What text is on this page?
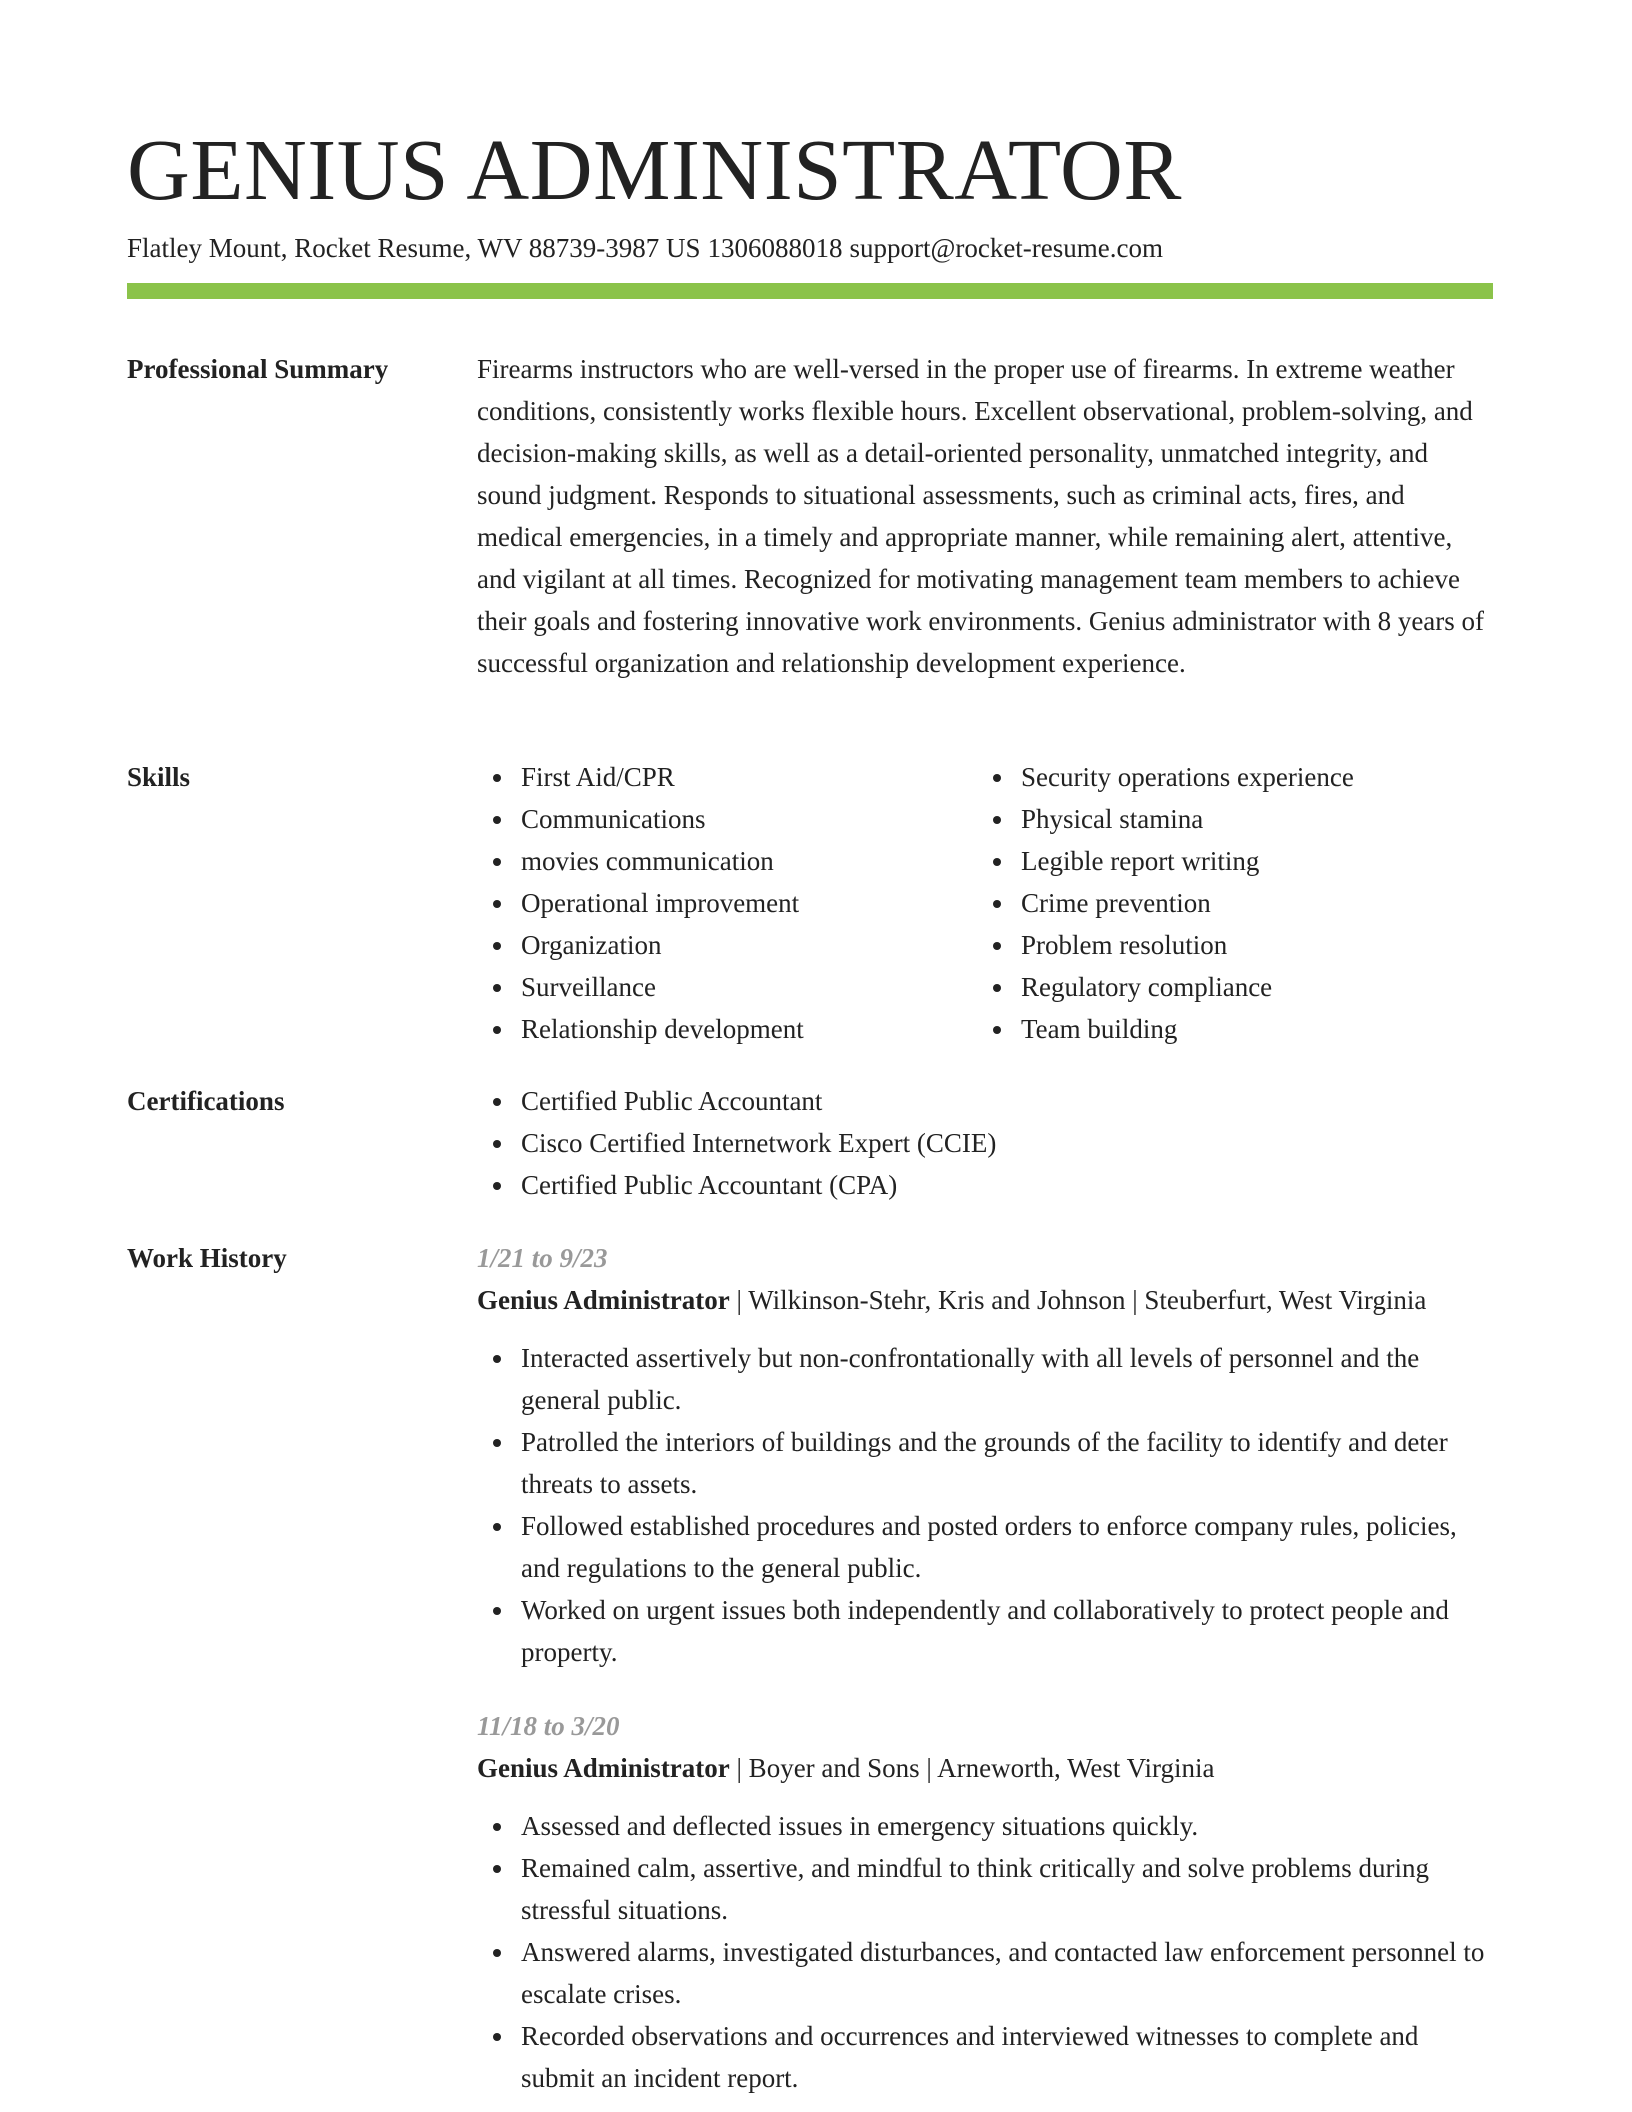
GENIUS ADMINISTRATOR
Flatley Mount, Rocket Resume, WV 88739-3987 US 1306088018 support@rocket-resume.com
Professional Summary	Firearms instructors who are well-versed in the proper use of firearms. In extreme weather conditions, consistently works flexible hours. Excellent observational, problem-solving, and decision-making skills, as well as a detail-oriented personality, unmatched integrity, and sound judgment. Responds to situational assessments, such as criminal acts, fires, and medical emergencies, in a timely and appropriate manner, while remaining alert, attentive, and vigilant at all times. Recognized for motivating management team members to achieve their goals and fostering innovative work environments. Genius administrator with 8 years of successful organization and relationship development experience.

Skills	First Aid/CPR
Communications
movies communication
Operational improvement
Organization
Surveillance
Relationship development
Security operations experience
Physical stamina
Legible report writing
Crime prevention
Problem resolution
Regulatory compliance
Team building
Certifications	Certified Public Accountant
Cisco Certified Internetwork Expert (CCIE)
Certified Public Accountant (CPA)
Work History	1/21 to 9/23
Genius Administrator | Wilkinson-Stehr, Kris and Johnson | Steuberfurt, West Virginia
Interacted assertively but non-confrontationally with all levels of personnel and the general public.
Patrolled the interiors of buildings and the grounds of the facility to identify and deter threats to assets.
Followed established procedures and posted orders to enforce company rules, policies, and regulations to the general public.
Worked on urgent issues both independently and collaboratively to protect people and property.
11/18 to 3/20
Genius Administrator | Boyer and Sons | Arneworth, West Virginia
Assessed and deflected issues in emergency situations quickly.
Remained calm, assertive, and mindful to think critically and solve problems during stressful situations.
Answered alarms, investigated disturbances, and contacted law enforcement personnel to escalate crises.
Recorded observations and occurrences and interviewed witnesses to complete and submit an incident report.
